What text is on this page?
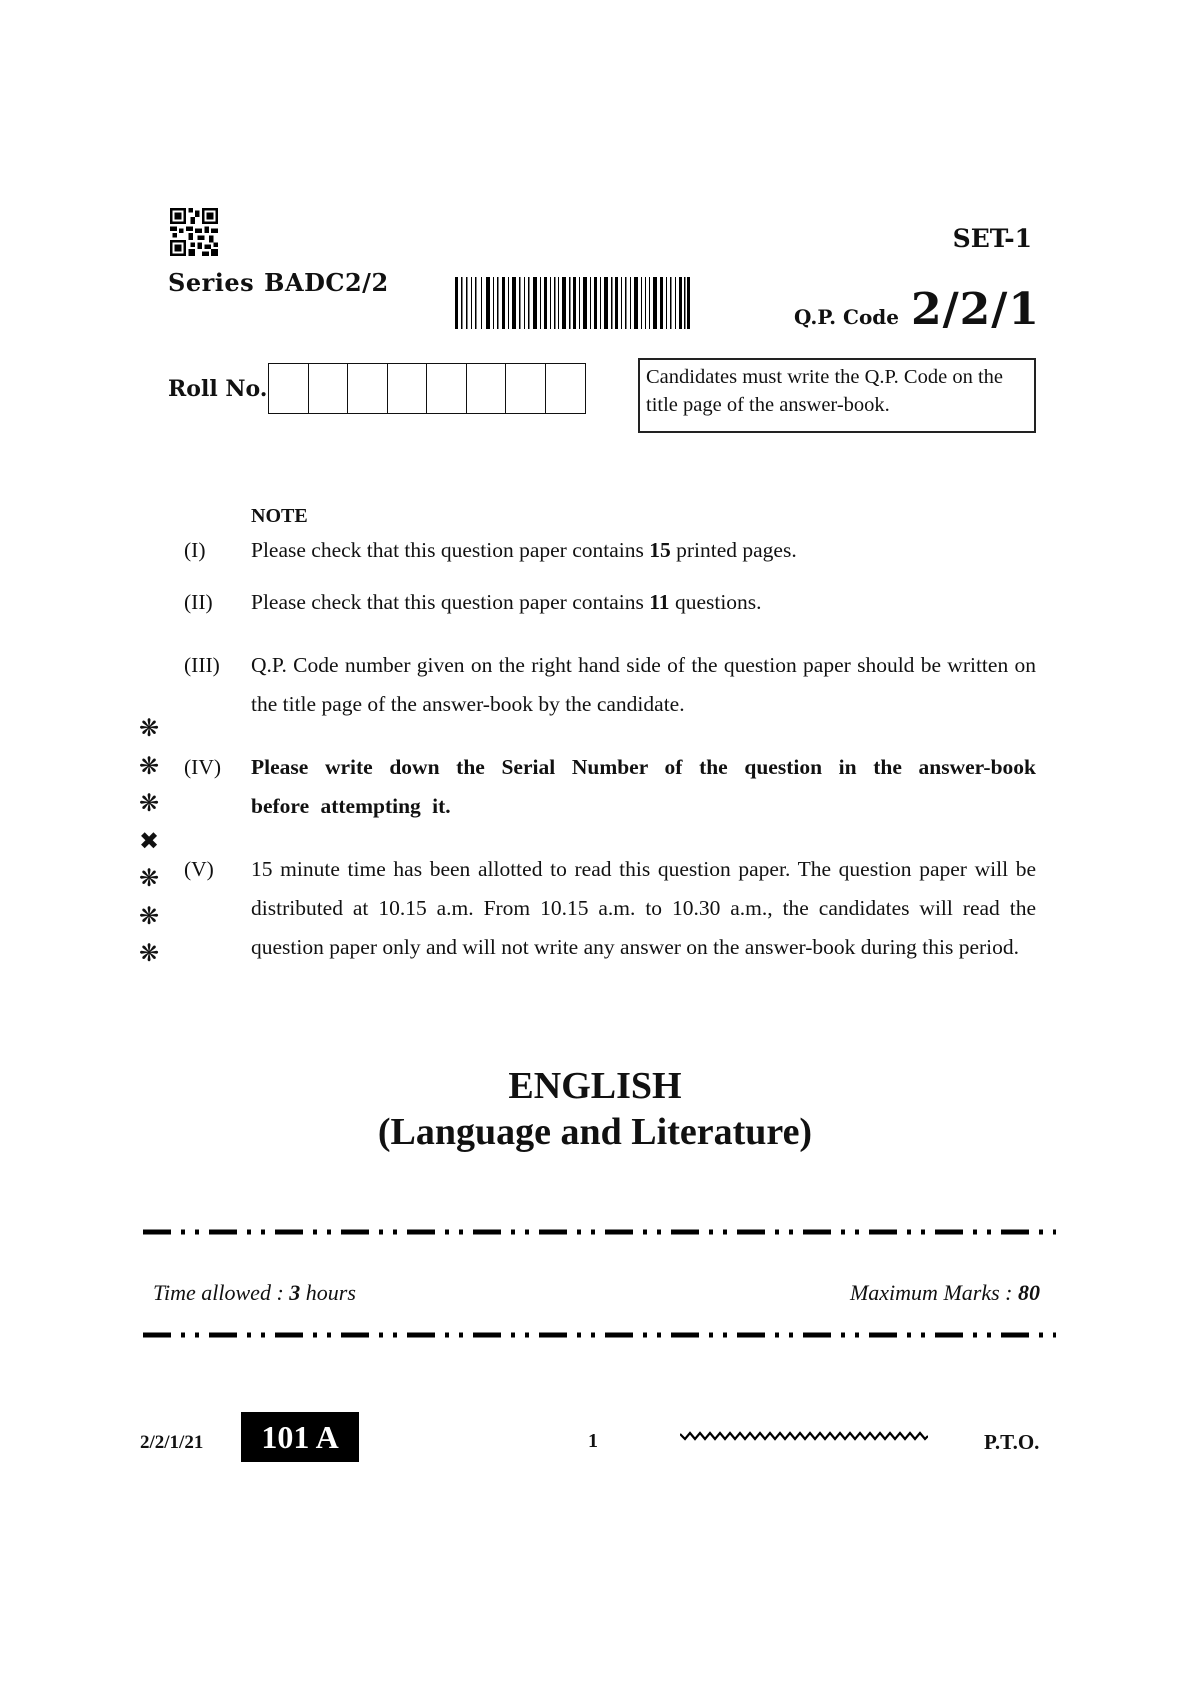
Series BADC2/2
SET-1
Q.P. Code 2/2/1
Roll No.	Candidates must write the Q.P. Code on the title page of the answer-book.
NOTE
(I)	Please check that this question paper contains 15 printed pages.
(II)	Please check that this question paper contains 11 questions.
(III)	Q.P. Code number given on the right hand side of the question paper should be written on the title page of the answer-book by the candidate.
(IV)	Please write down the Serial Number of the question in the answer-book before attempting it.
(V)	15 minute time has been allotted to read this question paper. The question paper will be distributed at 10.15 a.m. From 10.15 a.m. to 10.30 a.m., the candidates will read the question paper only and will not write any answer on the answer-book during this period.
❋
❋
❋
✖
❋
❋
❋
ENGLISH
(Language and Literature)
Time allowed : 3 hours	Maximum Marks : 80
2/2/1/21	101 A	1	P.T.O.
